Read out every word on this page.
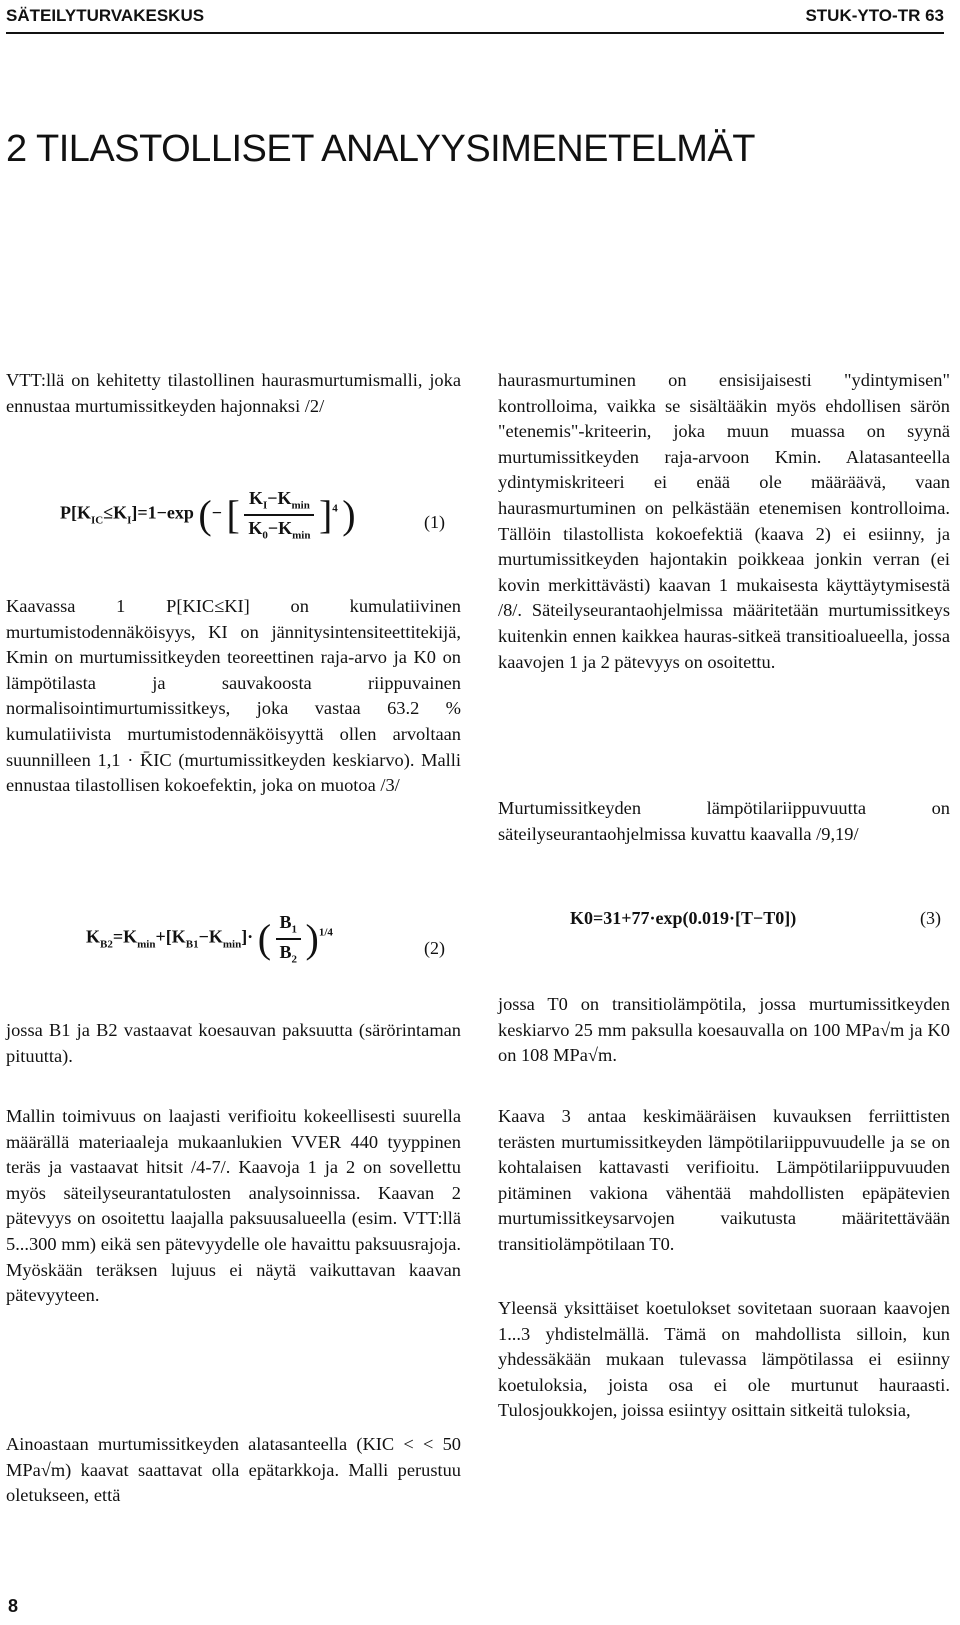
SÄTEILYTURVAKESKUS	STUK-YTO-TR 63
2 TILASTOLLISET ANALYYSIMENETELMÄT

VTT:llä on kehitetty tilastollinen haurasmurtumismalli, joka ennustaa murtumissitkeyden hajonnaksi /2/

$P[K_{IC}\le K_I]=1-\exp$ (− [ $\frac{K_I-K_{min}}{K_0-K_{min}} ]^4$ )	(1)

Kaavassa 1 P[KIC≤KI] on kumulatiivinen murtumistodennäköisyys, KI on jännitysintensiteettitekijä, Kmin on murtumissitkeyden teoreettinen raja-arvo ja K0 on lämpötilasta ja sauvakoosta riippuvainen normalisointimurtumissitkeys, joka vastaa 63.2 % kumulatiivista murtumistodennäköisyyttä ollen arvoltaan suunnilleen 1,1 · K̄IC (murtumissitkeyden keskiarvo). Malli ennustaa tilastollisen kokoefektin, joka on muotoa /3/

$K_{B2}=K_{min}+[K_{B1}-K_{min}]\cdot$ ( $\frac{B_1}{B_2} )^{1/4}$
(2)

jossa B1 ja B2 vastaavat koesauvan paksuutta (särörintaman pituutta).

Mallin toimivuus on laajasti verifioitu kokeellisesti suurella määrällä materiaaleja mukaanlukien VVER 440 tyyppinen teräs ja vastaavat hitsit /4-7/. Kaavoja 1 ja 2 on sovellettu myös säteilyseurantatulosten analysoinnissa. Kaavan 2 pätevyys on osoitettu laajalla paksuusalueella (esim. VTT:llä 5...300 mm) eikä sen pätevyydelle ole havaittu paksuusrajoja. Myöskään teräksen lujuus ei näytä vaikuttavan kaavan pätevyyteen.

Ainoastaan murtumissitkeyden alatasanteella (KIC < < 50 MPa√m) kaavat saattavat olla epätarkkoja. Malli perustuu oletukseen, että

haurasmurtuminen on ensisijaisesti "ydintymisen" kontrolloima, vaikka se sisältääkin myös ehdollisen särön "etenemis"-kriteerin, joka muun muassa on syynä murtumissitkeyden raja-arvoon Kmin. Alatasanteella ydintymiskriteeri ei enää ole määräävä, vaan haurasmurtuminen on pelkästään etenemisen kontrolloima. Tällöin tilastollista kokoefektiä (kaava 2) ei esiinny, ja murtumissitkeyden hajontakin poikkeaa jonkin verran (ei kovin merkittävästi) kaavan 1 mukaisesta käyttäytymisestä /8/. Säteilyseurantaohjelmissa määritetään murtumissitkeys kuitenkin ennen kaikkea hauras-sitkeä transitioalueella, jossa kaavojen 1 ja 2 pätevyys on osoitettu.

Murtumissitkeyden lämpötilariippuvuutta on säteilyseurantaohjelmissa kuvattu kaavalla /9,19/

K0=31+77·exp(0.019·[T−T0])	(3)

jossa T0 on transitiolämpötila, jossa murtumissitkeyden keskiarvo 25 mm paksulla koesauvalla on 100 MPa√m ja K0 on 108 MPa√m.

Kaava 3 antaa keskimääräisen kuvauksen ferriittisten terästen murtumissitkeyden lämpötilariippuvuudelle ja se on kohtalaisen kattavasti verifioitu. Lämpötilariippuvuuden pitäminen vakiona vähentää mahdollisten epäpätevien murtumissitkeysarvojen vaikutusta määritettävään transitiolämpötilaan T0.

Yleensä yksittäiset koetulokset sovitetaan suoraan kaavojen 1...3 yhdistelmällä. Tämä on mahdollista silloin, kun yhdessäkään mukaan tulevassa lämpötilassa ei esiinny koetuloksia, joista osa ei ole murtunut hauraasti. Tulosjoukkojen, joissa esiintyy osittain sitkeitä tuloksia,

8
